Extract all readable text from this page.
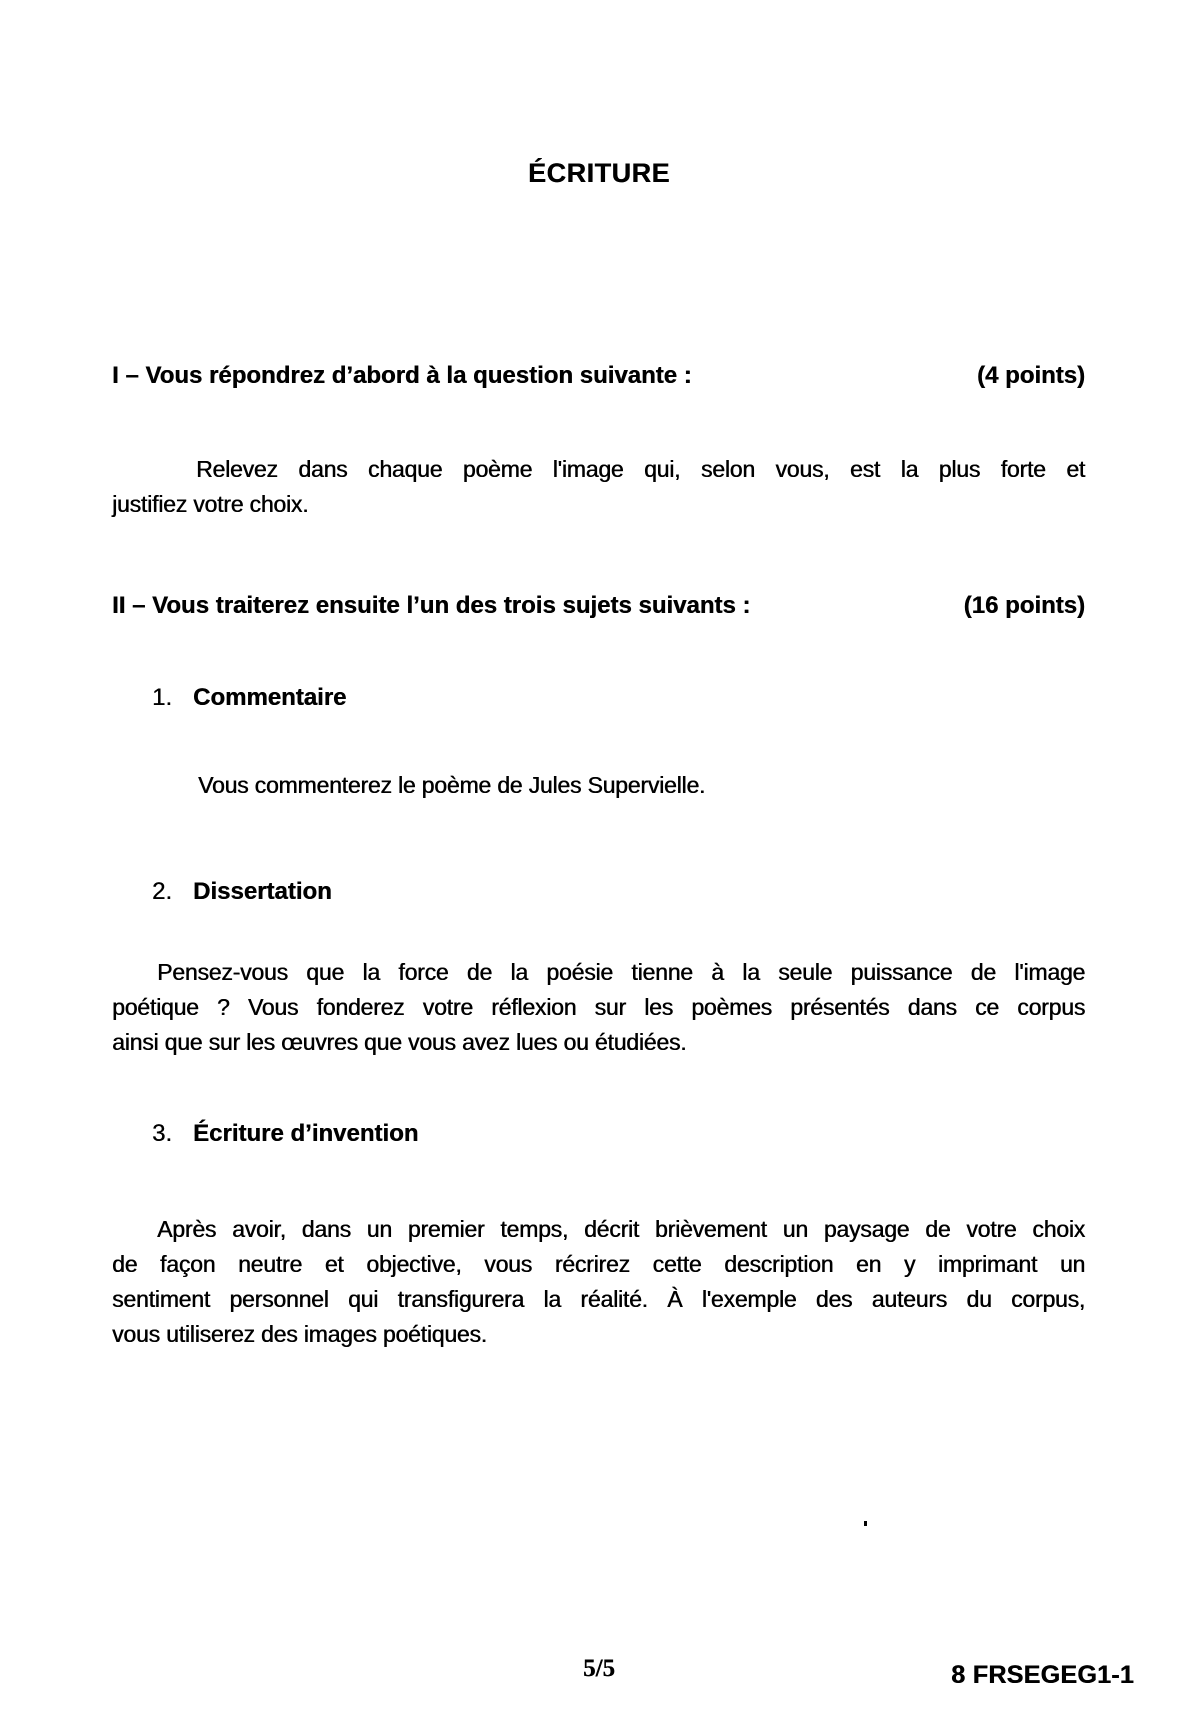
ÉCRITURE
I – Vous répondrez d’abord à la question suivante :	(4 points)
Relevez dans chaque poème l'image qui, selon vous, est la plus forte et
justifiez votre choix.
II – Vous traiterez ensuite l’un des trois sujets suivants :	(16 points)
1. Commentaire
Vous commenterez le poème de Jules Supervielle.
2. Dissertation
Pensez-vous que la force de la poésie tienne à la seule puissance de l'image
poétique ? Vous fonderez votre réflexion sur les poèmes présentés dans ce corpus
ainsi que sur les œuvres que vous avez lues ou étudiées.
3. Écriture d’invention
Après avoir, dans un premier temps, décrit brièvement un paysage de votre choix
de façon neutre et objective, vous récrirez cette description en y imprimant un
sentiment personnel qui transfigurera la réalité. À l'exemple des auteurs du corpus,
vous utiliserez des images poétiques.
5/5	8 FRSEGEG1-1
